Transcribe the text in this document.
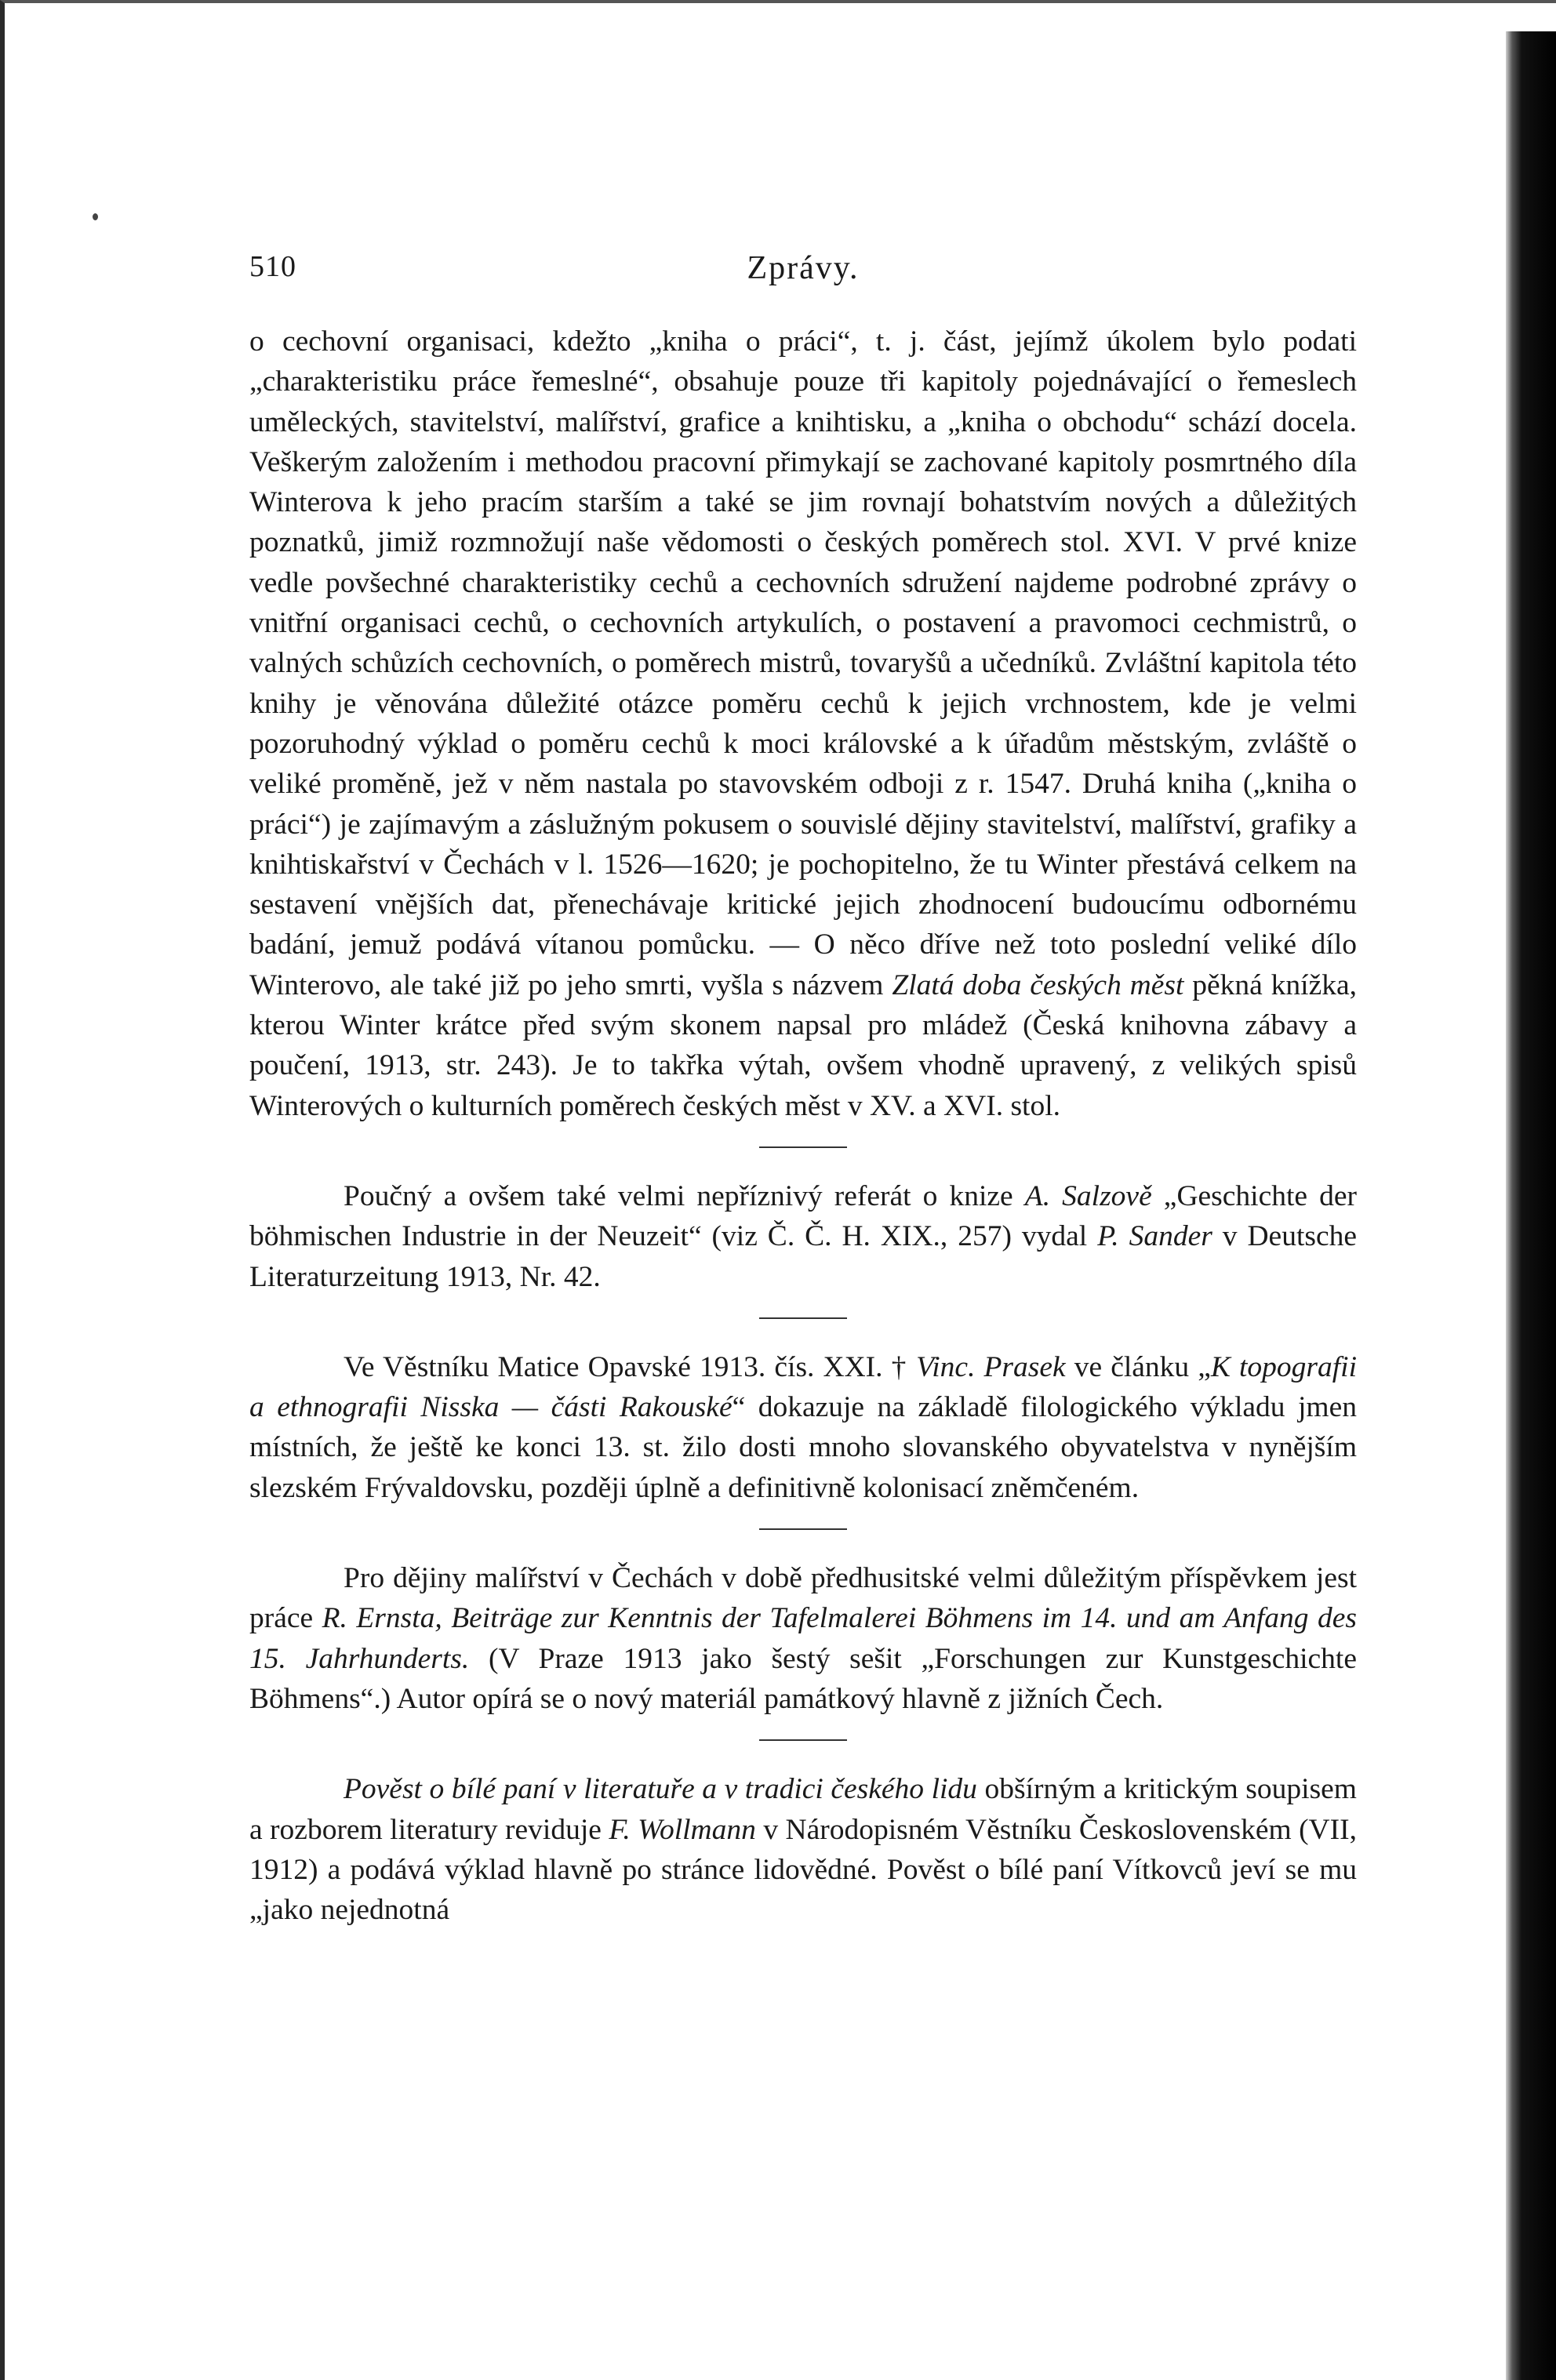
510	Zprávy.

o cechovní organisaci, kdežto „kniha o práci“, t. j. část, jejímž úkolem bylo podati „charakteristiku práce řemeslné“, obsahuje pouze tři kapitoly pojednávající o řemeslech uměleckých, stavitelství, malířství, grafice a knihtisku, a „kniha o obchodu“ schází docela. Veškerým založením i methodou pracovní přimykají se zachované kapitoly posmrtného díla Winterova k jeho pracím starším a také se jim rovnají bohatstvím nových a důležitých poznatků, jimiž rozmnožují naše vědomosti o českých poměrech stol. XVI. V prvé knize vedle povšechné charakteristiky cechů a cechovních sdružení najdeme podrobné zprávy o vnitřní organisaci cechů, o cechovních artykulích, o postavení a pravomoci cechmistrů, o valných schůzích cechovních, o poměrech mistrů, tovaryšů a učedníků. Zvláštní kapitola této knihy je věnována důležité otázce poměru cechů k jejich vrchnostem, kde je velmi pozoruhodný výklad o poměru cechů k moci královské a k úřadům městským, zvláště o veliké proměně, jež v něm nastala po stavovském odboji z r. 1547. Druhá kniha („kniha o práci“) je zajímavým a záslužným pokusem o souvislé dějiny stavitelství, malířství, grafiky a knihtiskařství v Čechách v l. 1526—1620; je pochopitelno, že tu Winter přestává celkem na sestavení vnějších dat, přenechávaje kritické jejich zhodnocení budoucímu odbornému badání, jemuž podává vítanou pomůcku. — O něco dříve než toto poslední veliké dílo Winterovo, ale také již po jeho smrti, vyšla s názvem Zlatá doba českých měst pěkná knížka, kterou Winter krátce před svým skonem napsal pro mládež (Česká knihovna zábavy a poučení, 1913, str. 243). Je to takřka výtah, ovšem vhodně upravený, z velikých spisů Winterových o kulturních poměrech českých měst v XV. a XVI. stol.

Poučný a ovšem také velmi nepříznivý referát o knize A. Salzově „Geschichte der böhmischen Industrie in der Neuzeit“ (viz Č. Č. H. XIX., 257) vydal P. Sander v Deutsche Literaturzeitung 1913, Nr. 42.

Ve Věstníku Matice Opavské 1913. čís. XXI. † Vinc. Prasek ve článku „K topografii a ethnografii Nisska — části Rakouské“ dokazuje na základě filologického výkladu jmen místních, že ještě ke konci 13. st. žilo dosti mnoho slovanského obyvatelstva v nynějším slezském Frývaldovsku, později úplně a definitivně kolonisací zněmčeném.

Pro dějiny malířství v Čechách v době předhusitské velmi důležitým příspěvkem jest práce R. Ernsta, Beiträge zur Kenntnis der Tafelmalerei Böhmens im 14. und am Anfang des 15. Jahrhunderts. (V Praze 1913 jako šestý sešit „Forschungen zur Kunstgeschichte Böhmens“.) Autor opírá se o nový materiál památkový hlavně z jižních Čech.

Pověst o bílé paní v literatuře a v tradici českého lidu obšírným a kritickým soupisem a rozborem literatury reviduje F. Wollmann v Národopisném Věstníku Československém (VII, 1912) a podává výklad hlavně po stránce lidovědné. Pověst o bílé paní Vítkovců jeví se mu „jako nejednotná
